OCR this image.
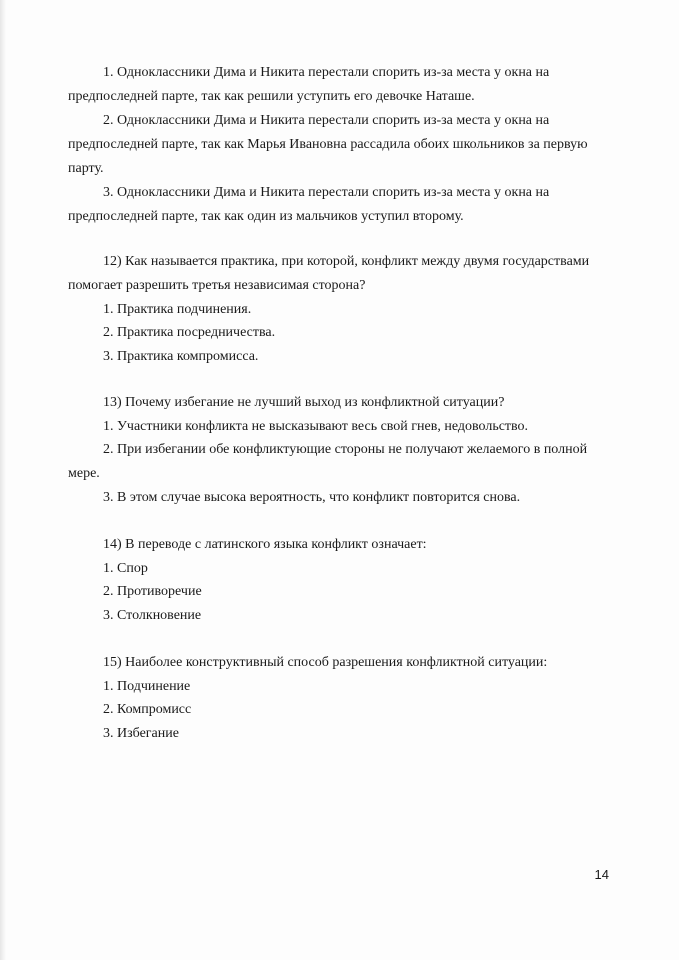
1. Одноклассники Дима и Никита перестали спорить из-за места у окна на
предпоследней парте, так как решили уступить его девочке Наташе.
2. Одноклассники Дима и Никита перестали спорить из-за места у окна на
предпоследней парте, так как Марья Ивановна рассадила обоих школьников за первую
парту.
3. Одноклассники Дима и Никита перестали спорить из-за места у окна на
предпоследней парте, так как один из мальчиков уступил второму.
12) Как называется практика, при которой, конфликт между двумя государствами
помогает разрешить третья независимая сторона?
1. Практика подчинения.
2. Практика посредничества.
3. Практика компромисса.
13) Почему избегание не лучший выход из конфликтной ситуации?
1. Участники конфликта не высказывают весь свой гнев, недовольство.
2. При избегании обе конфликтующие стороны не получают желаемого в полной
мере.
3. В этом случае высока вероятность, что конфликт повторится снова.
14) В переводе с латинского языка конфликт означает:
1. Спор
2. Противоречие
3. Столкновение
15) Наиболее конструктивный способ разрешения конфликтной ситуации:
1. Подчинение
2. Компромисс
3. Избегание
14
